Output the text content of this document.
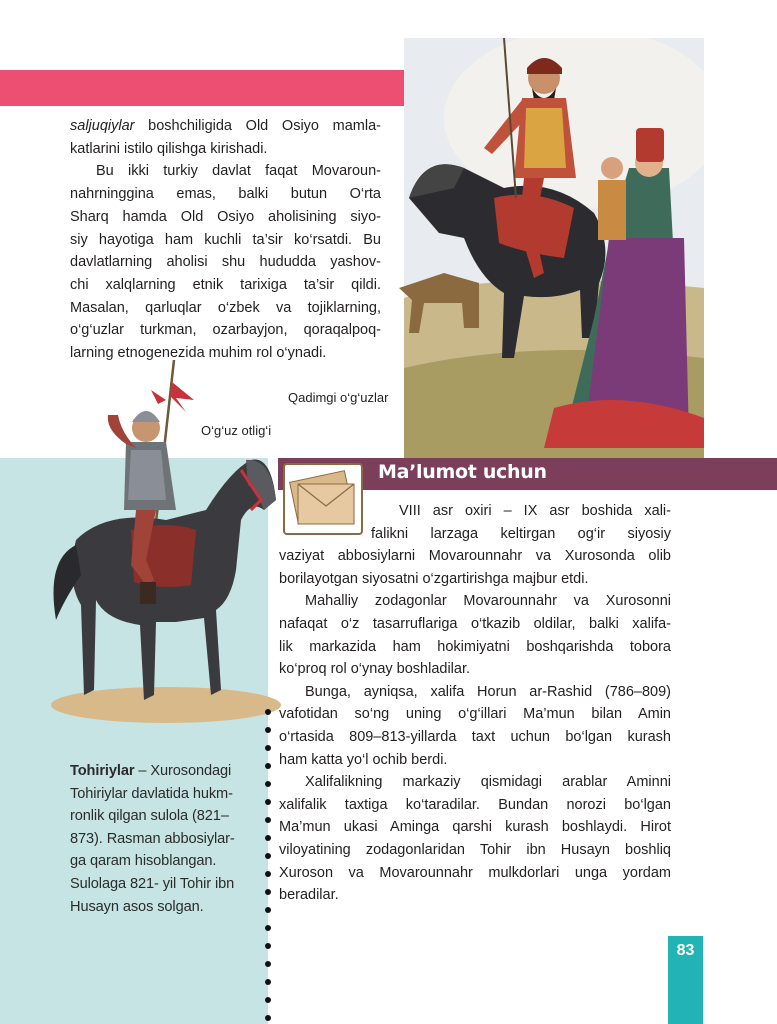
saljuqiylar boshchiligida Old Osiyo mamla-

katlarini istilo qilishga kirishadi.

Bu ikki turkiy davlat faqat Movaroun-

nahrninggina emas, balki butun O‘rta

Sharq hamda Old Osiyo aholisining siyo-

siy hayotiga ham kuchli ta’sir ko‘rsatdi. Bu

davlatlarning aholisi shu hududda yashov-

chi xalqlarning etnik tarixiga ta’sir qildi.

Masalan, qarluqlar o‘zbek va tojiklarning,

o‘g‘uzlar turkman, ozarbayjon, qoraqalpoq-

larning etnogenezida muhim rol o‘ynadi.

Qadimgi o‘g‘uzlar
O‘g‘uz otlig‘i

Tohiriylar – Xurosondagi
Tohiriylar davlatida hukm-
ronlik qilgan sulola (821–
873). Rasman abbosiylar-
ga qaram hisoblangan.
Sulolaga 821- yil Tohir ibn
Husayn asos solgan.

Ma’lumot uchun

VIII asr oxiri – IX asr boshida xali-

falikni larzaga keltirgan og‘ir siyosiy

vaziyat abbosiylarni Movarounnahr va Xurosonda olib

borilayotgan siyosatni o‘zgartirishga majbur etdi.

Mahalliy zodagonlar Movarounnahr va Xurosonni

nafaqat o‘z tasarruflariga o‘tkazib oldilar, balki xalifa-

lik markazida ham hokimiyatni boshqarishda tobora

ko‘proq rol o‘ynay boshladilar.

Bunga, ayniqsa, xalifa Horun ar-Rashid (786–809)

vafotidan so‘ng uning o‘g‘illari Ma’mun bilan Amin

o‘rtasida 809–813-yillarda taxt uchun bo‘lgan kurash

ham katta yo‘l ochib berdi.

Xalifalikning markaziy qismidagi arablar Aminni

xalifalik taxtiga ko‘taradilar. Bundan norozi bo‘lgan

Ma’mun ukasi Aminga qarshi kurash boshlaydi. Hirot

viloyatining zodagonlaridan Tohir ibn Husayn boshliq

Xuroson va Movarounnahr mulkdorlari unga yordam

beradilar.

83
